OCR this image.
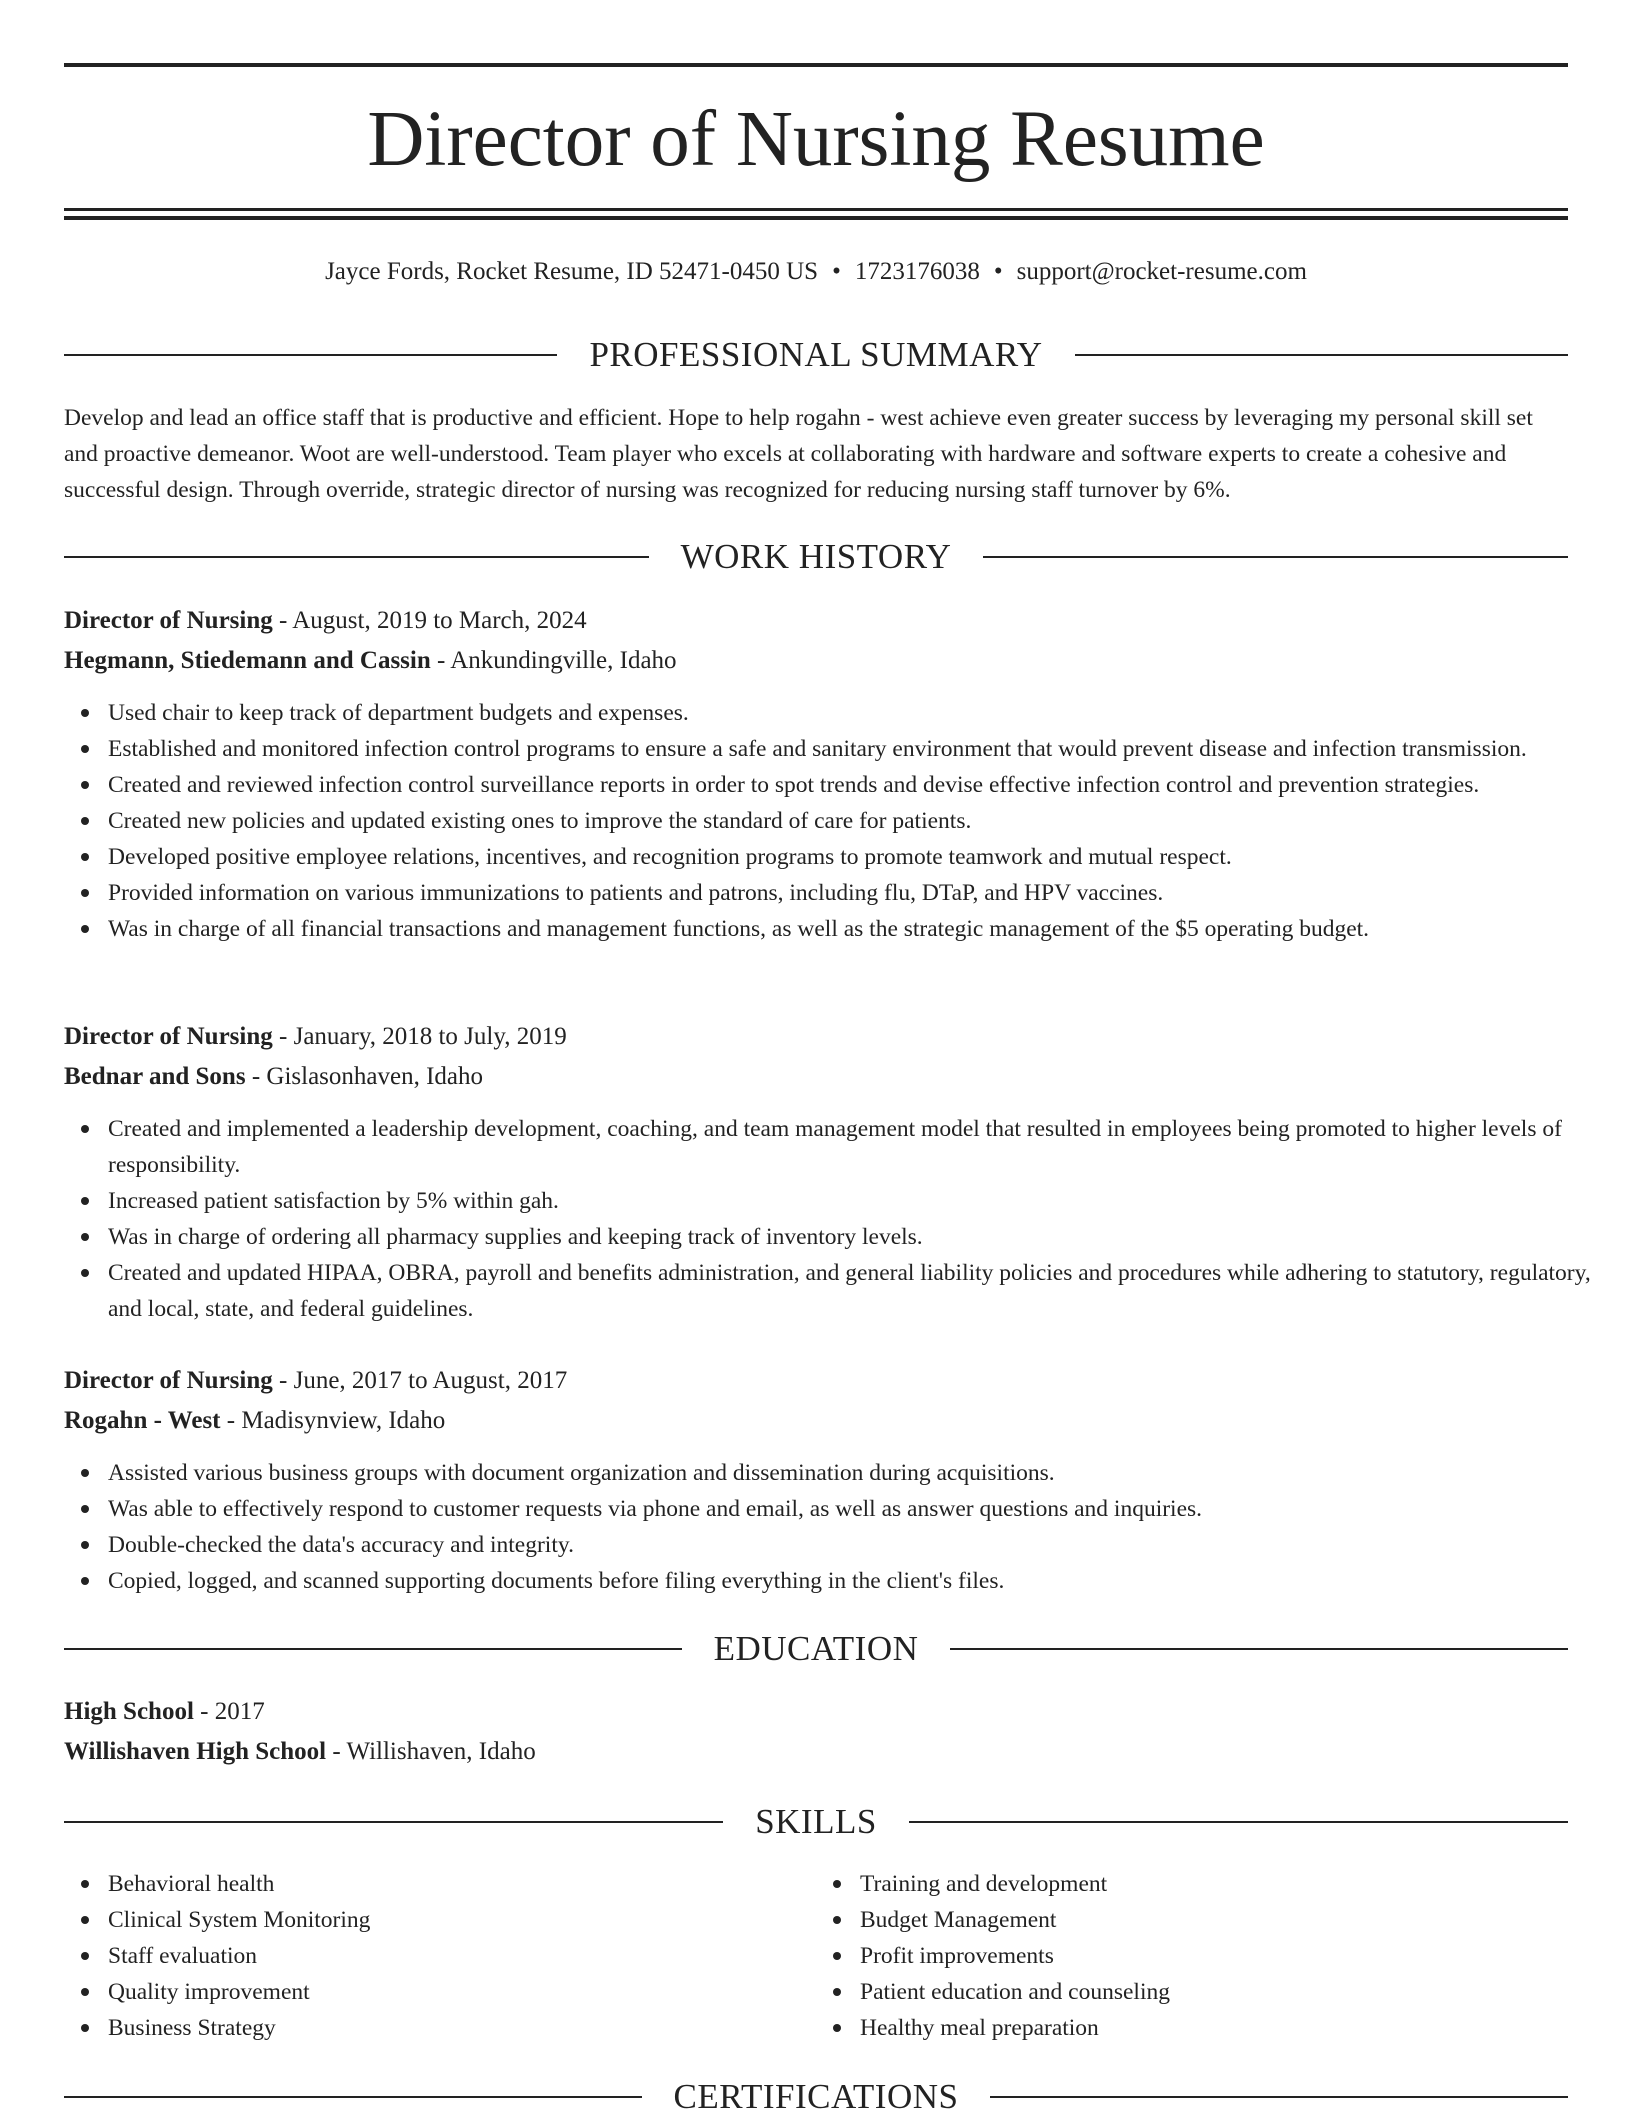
Director of Nursing Resume
Jayce Fords, Rocket Resume, ID 52471-0450 US • 1723176038 • support@rocket-resume.com
PROFESSIONAL SUMMARY

Develop and lead an office staff that is productive and efficient. Hope to help rogahn - west achieve even greater success by leveraging my personal skill set and proactive demeanor. Woot are well-understood. Team player who excels at collaborating with hardware and software experts to create a cohesive and successful design. Through override, strategic director of nursing was recognized for reducing nursing staff turnover by 6%.

WORK HISTORY
Director of Nursing - August, 2019 to March, 2024
Hegmann, Stiedemann and Cassin - Ankundingville, Idaho
Used chair to keep track of department budgets and expenses.
Established and monitored infection control programs to ensure a safe and sanitary environment that would prevent disease and infection transmission.
Created and reviewed infection control surveillance reports in order to spot trends and devise effective infection control and prevention strategies.
Created new policies and updated existing ones to improve the standard of care for patients.
Developed positive employee relations, incentives, and recognition programs to promote teamwork and mutual respect.
Provided information on various immunizations to patients and patrons, including flu, DTaP, and HPV vaccines.
Was in charge of all financial transactions and management functions, as well as the strategic management of the $5 operating budget.
Director of Nursing - January, 2018 to July, 2019
Bednar and Sons - Gislasonhaven, Idaho
Created and implemented a leadership development, coaching, and team management model that resulted in employees being promoted to higher levels of responsibility.
Increased patient satisfaction by 5% within gah.
Was in charge of ordering all pharmacy supplies and keeping track of inventory levels.
Created and updated HIPAA, OBRA, payroll and benefits administration, and general liability policies and procedures while adhering to statutory, regulatory, and local, state, and federal guidelines.
Director of Nursing - June, 2017 to August, 2017
Rogahn - West - Madisynview, Idaho
Assisted various business groups with document organization and dissemination during acquisitions.
Was able to effectively respond to customer requests via phone and email, as well as answer questions and inquiries.
Double-checked the data's accuracy and integrity.
Copied, logged, and scanned supporting documents before filing everything in the client's files.
EDUCATION
High School - 2017
Willishaven High School - Willishaven, Idaho
SKILLS
Behavioral health
Clinical System Monitoring
Staff evaluation
Quality improvement
Business Strategy
Training and development
Budget Management
Profit improvements
Patient education and counseling
Healthy meal preparation
CERTIFICATIONS
